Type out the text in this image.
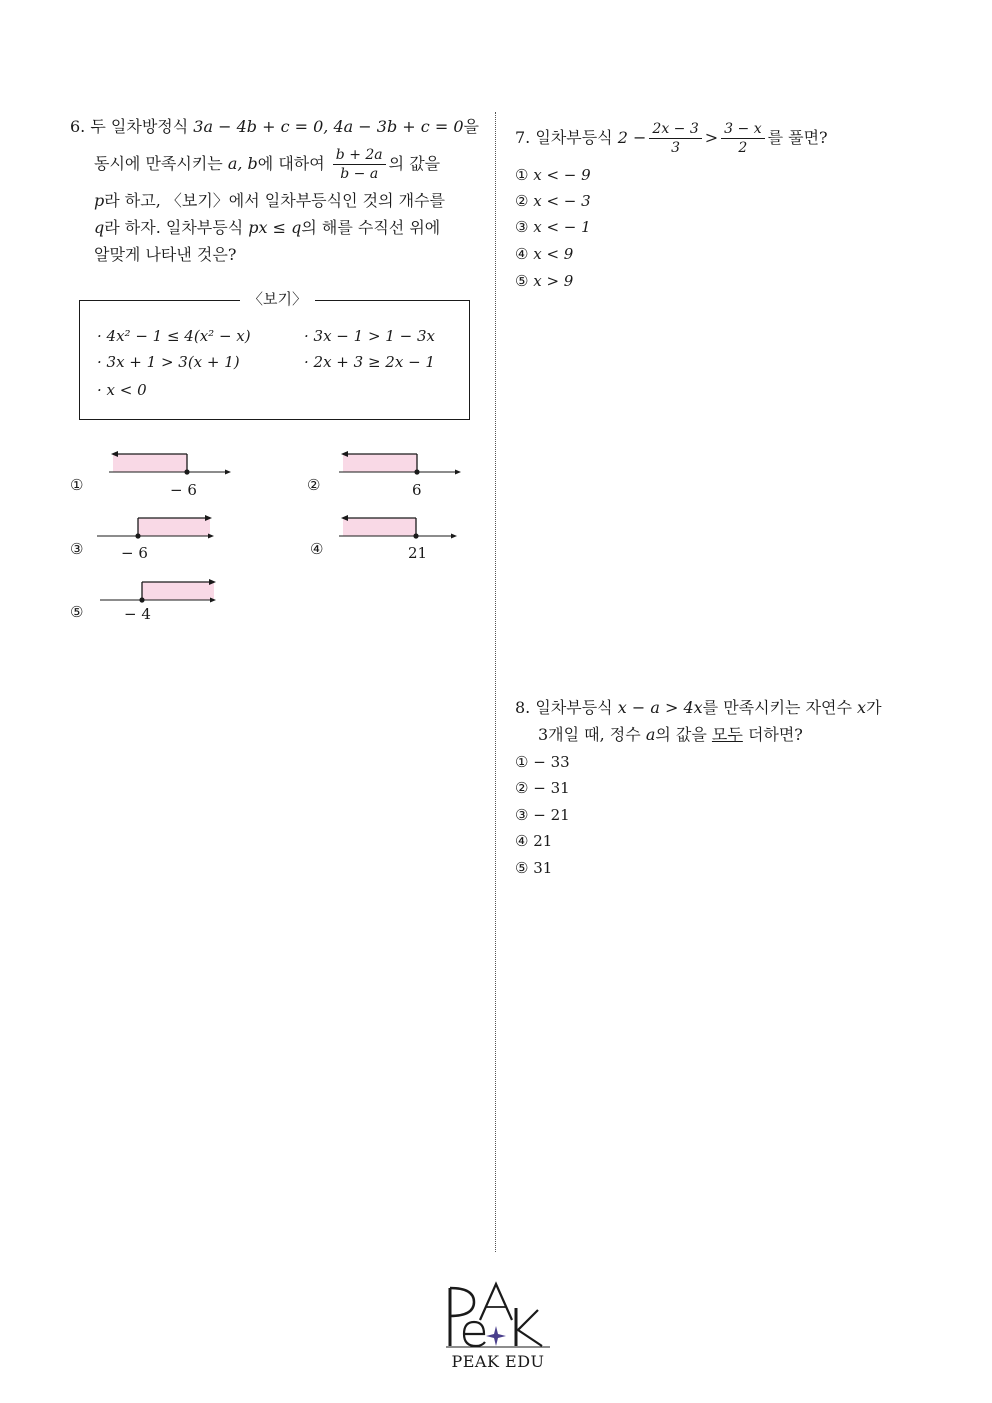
6. 두 일차방정식 3a − 4b + c = 0, 4a − 3b + c = 0을
동시에 만족시키는 a, b에 대하여 $\frac{b + 2a}{b - a}$ 의 값을
p라 하고, 〈보기〉에서 일차부등식인 것의 개수를
q라 하자. 일차부등식 px ≤ q의 해를 수직선 위에
알맞게 나타낸 것은?
〈보기〉
· 4x² − 1 ≤ 4(x² − x)	· 3x − 1 > 1 − 3x
· 3x + 1 > 3(x + 1)	· 2x + 3 ≥ 2x − 1
· x < 0
①	− 6	②	6
③	− 6	④	21
⑤	− 4
7. 일차부등식 $2 - \frac{2x - 3}{3} > \frac{3 - x}{2}$ 를 풀면?
① x < − 9
② x < − 3
③ x < − 1
④ x < 9
⑤ x > 9
8. 일차부등식 x − a > 4x를 만족시키는 자연수 x가
3개일 때, 정수 a의 값을 모두 더하면?
① − 33
② − 31
③ − 21
④ 21
⑤ 31
PEAK EDU
